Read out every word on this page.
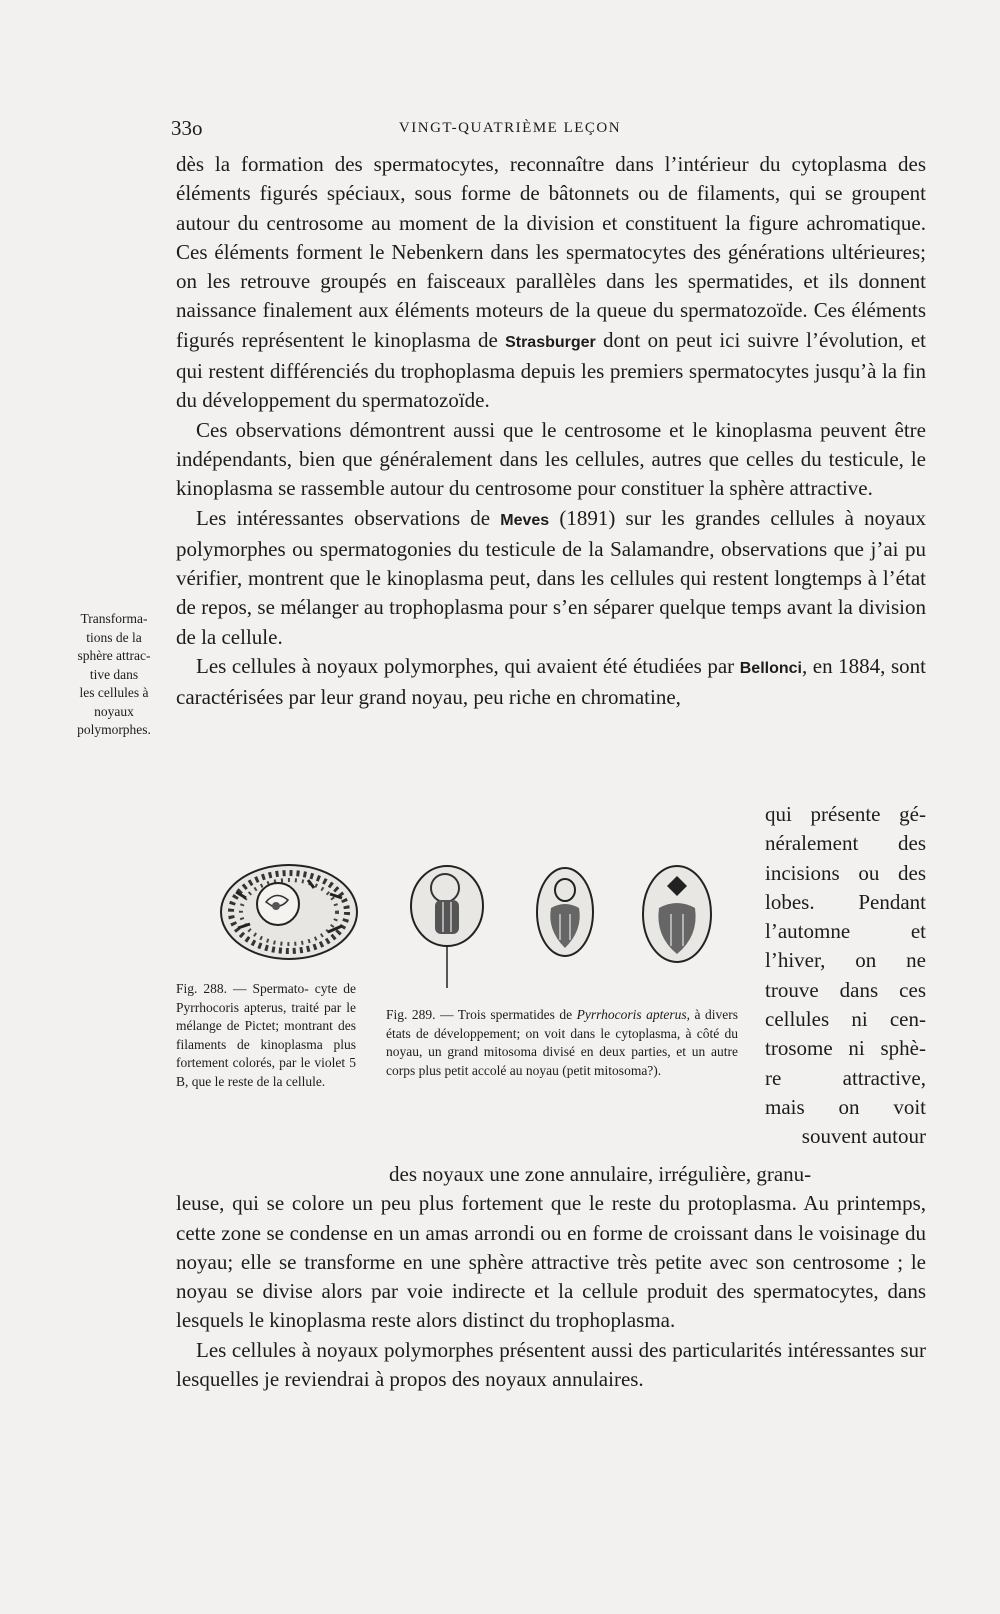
33o	VINGT-QUATRIÈME LEÇON
dès la formation des spermatocytes, reconnaître dans l’intérieur du cytoplasma des éléments figurés spéciaux, sous forme de bâtonnets ou de filaments, qui se groupent autour du centrosome au moment de la division et constituent la figure achromatique. Ces éléments forment le Nebenkern dans les spermatocytes des générations ultérieures; on les retrouve groupés en faisceaux parallèles dans les spermatides, et ils donnent naissance finalement aux éléments moteurs de la queue du spermatozoïde. Ces éléments figurés représentent le kinoplasma de Strasburger dont on peut ici suivre l’évolution, et qui restent différenciés du trophoplasma depuis les premiers spermatocytes jusqu’à la fin du développement du spermatozoïde.
Ces observations démontrent aussi que le centrosome et le kinoplasma peuvent être indépendants, bien que généralement dans les cellules, autres que celles du testicule, le kinoplasma se rassemble autour du centrosome pour constituer la sphère attractive.
Les intéressantes observations de Meves (1891) sur les grandes cellules à noyaux polymorphes ou spermatogonies du testicule de la Salamandre, observations que j’ai pu vérifier, montrent que le kinoplasma peut, dans les cellules qui restent longtemps à l’état de repos, se mélanger au trophoplasma pour s’en séparer quelque temps avant la division de la cellule.
Les cellules à noyaux polymorphes, qui avaient été étudiées par Bellonci, en 1884, sont caractérisées par leur grand noyau, peu riche en chromatine,
Transforma-
tions de la
sphère attrac-
tive dans
les cellules à
noyaux
polymorphes.
qui présente gé-
néralement des
incisions ou des
lobes. Pendant
l’automne et
l’hiver, on ne
trouve dans ces
cellules ni cen-
trosome ni sphè-
re attractive,
mais on voit
souvent autour
Fig. 288. — Spermato- cyte de Pyrrhocoris apterus, traité par le mélange de Pictet; montrant des filaments de kinoplasma plus fortement colorés, par le violet 5 B, que le reste de la cellule.
Fig. 289. — Trois spermatides de Pyrrhocoris apterus, à divers états de développement; on voit dans le cytoplasma, à côté du noyau, un grand mitosoma divisé en deux parties, et un autre corps plus petit accolé au noyau (petit mitosoma?).
des noyaux une zone annulaire, irrégulière, granu-
leuse, qui se colore un peu plus fortement que le reste du protoplasma. Au printemps, cette zone se condense en un amas arrondi ou en forme de croissant dans le voisinage du noyau; elle se transforme en une sphère attractive très petite avec son centrosome ; le noyau se divise alors par voie indirecte et la cellule produit des spermatocytes, dans lesquels le kinoplasma reste alors distinct du trophoplasma.
Les cellules à noyaux polymorphes présentent aussi des particularités intéressantes sur lesquelles je reviendrai à propos des noyaux annulaires.
